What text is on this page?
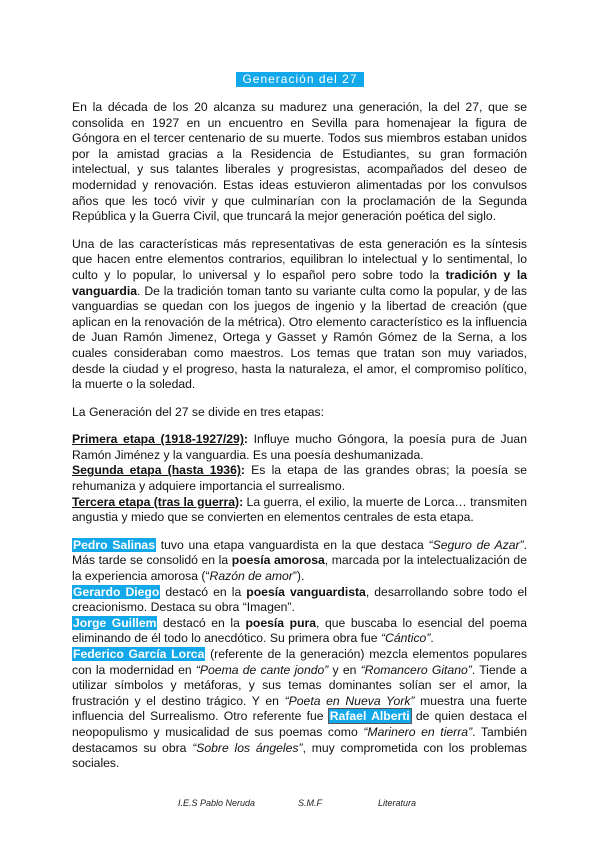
Generación del 27

En la década de los 20 alcanza su madurez una generación, la del 27, que se consolida en 1927 en un encuentro en Sevilla para homenajear la figura de Góngora en el tercer centenario de su muerte. Todos sus miembros estaban unidos por la amistad gracias a la Residencia de Estudiantes, su gran formación intelectual, y sus talantes liberales y progresistas, acompañados del deseo de modernidad y renovación. Estas ideas estuvieron alimentadas por los convulsos años que les tocó vivir y que culminarían con la proclamación de la Segunda República y la Guerra Civil, que truncará la mejor generación poética del siglo.

Una de las características más representativas de esta generación es la síntesis que hacen entre elementos contrarios, equilibran lo intelectual y lo sentimental, lo culto y lo popular, lo universal y lo español pero sobre todo la tradición y la vanguardia. De la tradición toman tanto su variante culta como la popular, y de las vanguardias se quedan con los juegos de ingenio y la libertad de creación (que aplican en la renovación de la métrica). Otro elemento característico es la influencia de Juan Ramón Jimenez, Ortega y Gasset y Ramón Gómez de la Serna, a los cuales consideraban como maestros. Los temas que tratan son muy variados, desde la ciudad y el progreso, hasta la naturaleza, el amor, el compromiso político, la muerte o la soledad.

La Generación del 27 se divide en tres etapas:

Primera etapa (1918-1927/29): Influye mucho Góngora, la poesía pura de Juan Ramón Jiménez y la vanguardia. Es una poesía deshumanizada.

Segunda etapa (hasta 1936): Es la etapa de las grandes obras; la poesía se rehumaniza y adquiere importancia el surrealismo.

Tercera etapa (tras la guerra): La guerra, el exilio, la muerte de Lorca… transmiten angustia y miedo que se convierten en elementos centrales de esta etapa.

Pedro Salinas tuvo una etapa vanguardista en la que destaca “Seguro de Azar”. Más tarde se consolidó en la poesía amorosa, marcada por la intelectualización de la experiencia amorosa (“Razón de amor”).

Gerardo Diego destacó en la poesía vanguardista, desarrollando sobre todo el creacionismo. Destaca su obra “Imagen”.

Jorge Guillem destacó en la poesía pura, que buscaba lo esencial del poema eliminando de él todo lo anecdótico. Su primera obra fue “Cántico”.

Federico García Lorca (referente de la generación) mezcla elementos populares con la modernidad en “Poema de cante jondo” y en “Romancero Gitano”. Tiende a utilizar símbolos y metáforas, y sus temas dominantes solían ser el amor, la frustración y el destino trágico. Y en “Poeta en Nueva York” muestra una fuerte influencia del Surrealismo. Otro referente fue Rafael Alberti de quien destaca el neopopulismo y musicalidad de sus poemas como “Marinero en tierra”. También destacamos su obra “Sobre los ángeles”, muy comprometida con los problemas sociales.

I.E.S Pablo Neruda	S.M.F	Literatura
